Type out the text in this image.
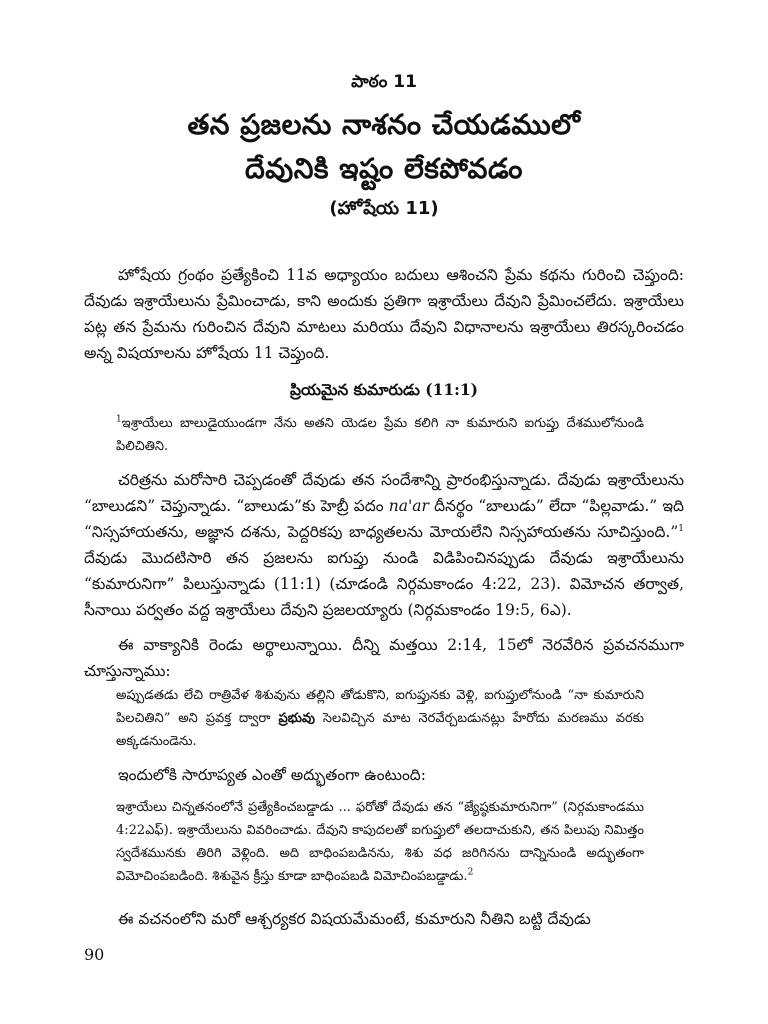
పాఠం 11
తన ప్రజలను నాశనం చేయడములో
దేవునికి ఇష్టం లేకపోవడం
(హోషేయ 11)

హోషేయ గ్రంథం ప్రత్యేకించి 11వ అధ్యాయం బదులు ఆశించని ప్రేమ కథను గురించి చెప్తుంది: దేవుడు ఇశ్రాయేలును ప్రేమించాడు, కాని అందుకు ప్రతిగా ఇశ్రాయేలు దేవుని ప్రేమించలేదు. ఇశ్రాయేలు పట్ల తన ప్రేమను గురించిన దేవుని మాటలు మరియు దేవుని విధానాలను ఇశ్రాయేలు తిరస్కరించడం అన్న విషయాలను హోషేయ 11 చెప్తుంది.

ప్రియమైన కుమారుడు (11:1)

$^1$ఇశ్రాయేలు బాలుడైయుండగా నేను అతని యెడల ప్రేమ కలిగి నా కుమారుని ఐగుప్తు దేశములోనుండి పిలిచితిని.

చరిత్రను మరోసారి చెప్పడంతో దేవుడు తన సందేశాన్ని ప్రారంభిస్తున్నాడు. దేవుడు ఇశ్రాయేలును “బాలుడని” చెప్తున్నాడు. “బాలుడు”కు హెబ్రీ పదం na'ar దీనర్థం “బాలుడు” లేదా “పిల్లవాడు.” ఇది “నిస్సహాయతను, అజ్ఞాన దశను, పెద్దరికపు బాధ్యతలను మోయలేని నిస్సహాయతను సూచిస్తుంది.”$^1$ దేవుడు మొదటిసారి తన ప్రజలను ఐగుప్తు నుండి విడిపించినప్పుడు దేవుడు ఇశ్రాయేలును “కుమారునిగా” పిలుస్తున్నాడు (11:1) (చూడండి నిర్గమకాండం 4:22, 23). విమోచన తర్వాత, సీనాయి పర్వతం వద్ద ఇశ్రాయేలు దేవుని ప్రజలయ్యారు (నిర్గమకాండం 19:5, 6ఎ).

ఈ వాక్యానికి రెండు అర్థాలున్నాయి. దీన్ని మత్తయి 2:14, 15లో నెరవేరిన ప్రవచనముగా చూస్తున్నాము:

అప్పుడతడు లేచి రాత్రివేళ శిశువును తల్లిని తోడుకొని, ఐగుప్తునకు వెళ్లి, ఐగుప్తులోనుండి “నా కుమారుని పిలచితిని” అని ప్రవక్త ద్వారా ప్రభువు సెలవిచ్చిన మాట నెరవేర్చబడునట్లు హేరోదు మరణము వరకు అక్కడనుండెను.

ఇందులోకి సారూప్యత ఎంతో అద్భుతంగా ఉంటుంది:

ఇశ్రాయేలు చిన్నతనంలోనే ప్రత్యేకించబడ్డాడు ... ఫరోతో దేవుడు తన “జ్యేష్ఠకుమారునిగా” (నిర్గమకాండము 4:22ఎఫ్). ఇశ్రాయేలును వివరించాడు. దేవుని కాపుదలతో ఐగుప్తులో తలదాచుకుని, తన పిలుపు నిమిత్తం స్వదేశమునకు తిరిగి వెళ్లింది. అది బాధింపబడినను, శిశు వధ జరిగినను దాన్నినుండి అద్భుతంగా విమోచింపబడింది. శిశువైన క్రీస్తు కూడా బాధింపబడి విమోచింపబడ్డాడు.$^2$

ఈ వచనంలోని మరో ఆశ్చర్యకర విషయమేమంటే, కుమారుని నీతిని బట్టి దేవుడు

90
